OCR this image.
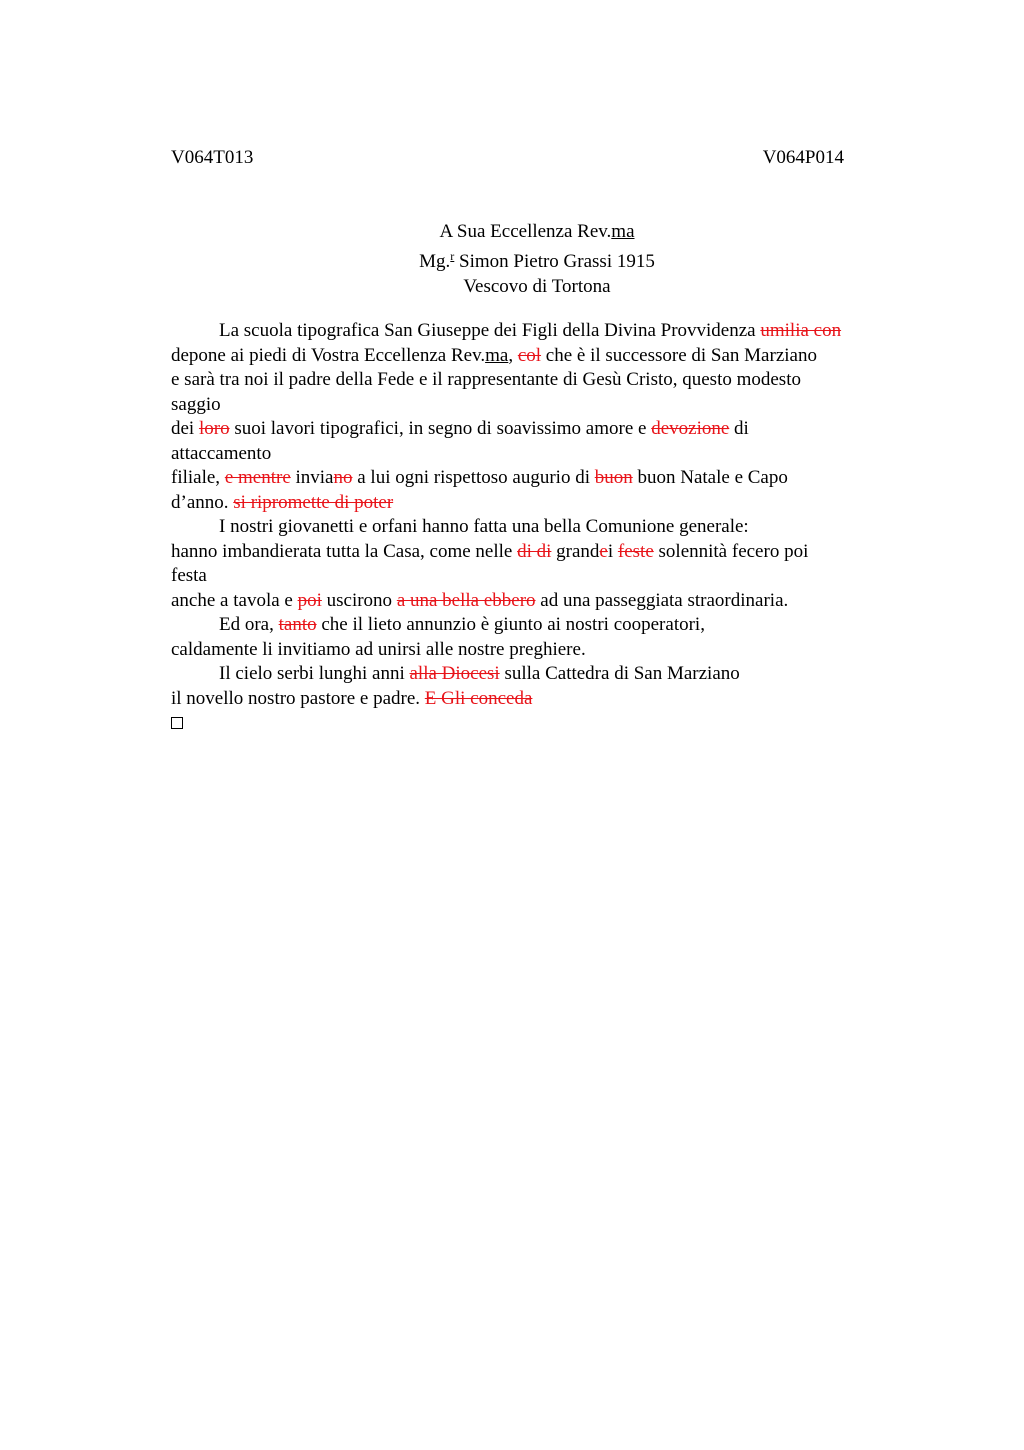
V064T013	V064P014
A Sua Eccellenza Rev.ma
Mg.$^r$ Simon Pietro Grassi 1915
Vescovo di Tortona
La scuola tipografica San Giuseppe dei Figli della Divina Provvidenza umilia con
depone ai piedi di Vostra Eccellenza Rev.ma, col che è il successore di San Marziano
e sarà tra noi il padre della Fede e il rappresentante di Gesù Cristo, questo modesto
saggio
dei loro suoi lavori tipografici, in segno di soavissimo amore e devozione di
attaccamento
filiale, e mentre inviano a lui ogni rispettoso augurio di buon buon Natale e Capo
d’anno. si ripromette di poter
I nostri giovanetti e orfani hanno fatta una bella Comunione generale:
hanno imbandierata tutta la Casa, come nelle di di grandei feste solennità fecero poi
festa
anche a tavola e poi uscirono a una bella ebbero ad una passeggiata straordinaria.
Ed ora, tanto che il lieto annunzio è giunto ai nostri cooperatori,
caldamente li invitiamo ad unirsi alle nostre preghiere.
Il cielo serbi lunghi anni alla Diocesi sulla Cattedra di San Marziano
il novello nostro pastore e padre. E Gli conceda
